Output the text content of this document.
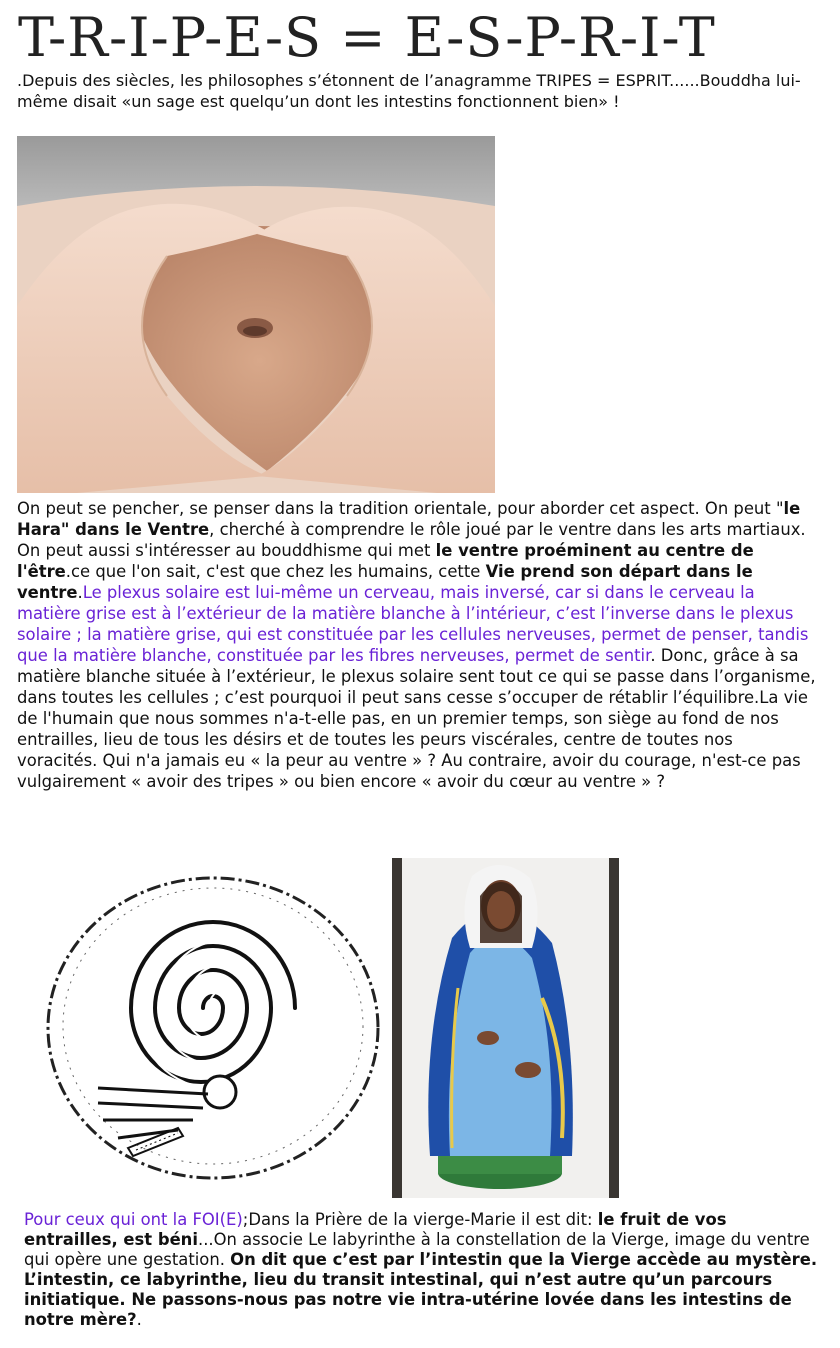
T-R-I-P-E-S = E-S-P-R-I-T
.Depuis des siècles, les philosophes s’étonnent de l’anagramme TRIPES = ESPRIT......Bouddha lui-même disait «un sage est quelqu’un dont les intestins fonctionnent bien» !
On peut se pencher, se penser dans la tradition orientale, pour aborder cet aspect. On peut "le Hara" dans le Ventre, cherché à comprendre le rôle joué par le ventre dans les arts martiaux. On peut aussi s'intéresser au bouddhisme qui met le ventre proéminent au centre de l'être.ce que l'on sait, c'est que chez les humains, cette Vie prend son départ dans le ventre.Le plexus solaire est lui-même un cerveau, mais inversé, car si dans le cerveau la matière grise est à l’extérieur de la matière blanche à l’intérieur, c’est l’inverse dans le plexus solaire ; la matière grise, qui est constituée par les cellules nerveuses, permet de penser, tandis que la matière blanche, constituée par les fibres nerveuses, permet de sentir. Donc, grâce à sa matière blanche située à l’extérieur, le plexus solaire sent tout ce qui se passe dans l’organisme, dans toutes les cellules ; c’est pourquoi il peut sans cesse s’occuper de rétablir l’équilibre.La vie de l'humain que nous sommes n'a-t-elle pas, en un premier temps, son siège au fond de nos entrailles, lieu de tous les désirs et de toutes les peurs viscérales, centre de toutes nos voracités. Qui n'a jamais eu « la peur au ventre » ? Au contraire, avoir du courage, n'est-ce pas vulgairement « avoir des tripes » ou bien encore « avoir du cœur au ventre » ?
Pour ceux qui ont la FOI(E);Dans la Prière de la vierge-Marie il est dit: le fruit de vos entrailles, est béni...On associe Le labyrinthe à la constellation de la Vierge, image du ventre qui opère une gestation. On dit que c’est par l’intestin que la Vierge accède au mystère. L’intestin, ce labyrinthe, lieu du transit intestinal, qui n’est autre qu’un parcours initiatique. Ne passons-nous pas notre vie intra-utérine lovée dans les intestins de notre mère?.
